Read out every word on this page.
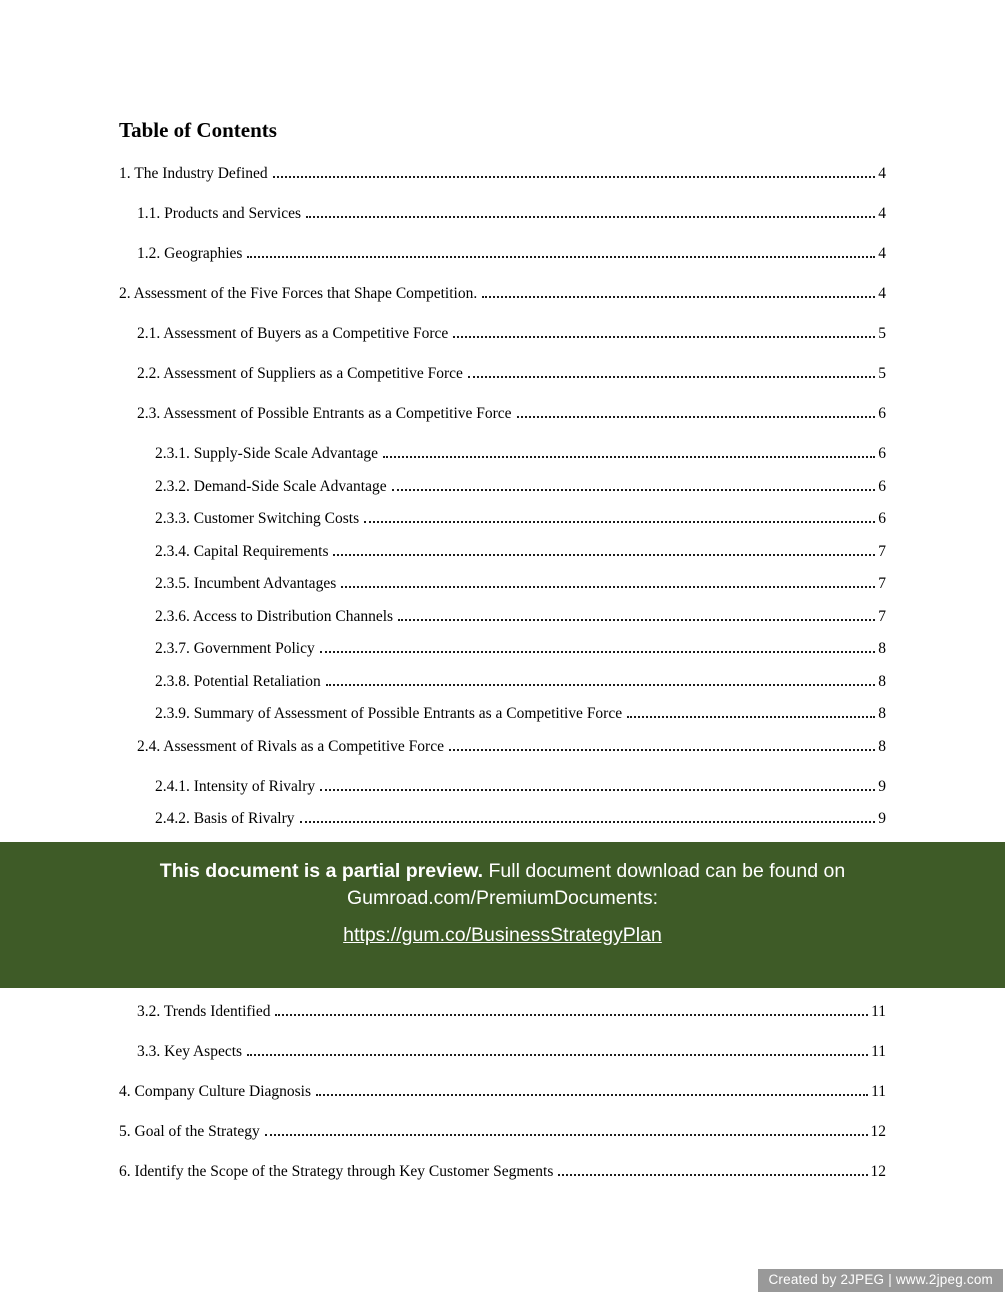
Table of Contents
1. The Industry Defined	4
1.1. Products and Services	4
1.2. Geographies	4
2. Assessment of the Five Forces that Shape Competition.	4
2.1. Assessment of Buyers as a Competitive Force	5
2.2. Assessment of Suppliers as a Competitive Force	5
2.3. Assessment of Possible Entrants as a Competitive Force	6
2.3.1. Supply-Side Scale Advantage	6
2.3.2. Demand-Side Scale Advantage	6
2.3.3. Customer Switching Costs	6
2.3.4. Capital Requirements	7
2.3.5. Incumbent Advantages	7
2.3.6. Access to Distribution Channels	7
2.3.7. Government Policy	8
2.3.8. Potential Retaliation	8
2.3.9. Summary of Assessment of Possible Entrants as a Competitive Force	8
2.4. Assessment of Rivals as a Competitive Force	8
2.4.1. Intensity of Rivalry	9
2.4.2. Basis of Rivalry	9

This document is a partial preview. Full document download can be found on Gumroad.com/PremiumDocuments:

https://gum.co/BusinessStrategyPlan

3.2. Trends Identified	11
3.3. Key Aspects	11
4. Company Culture Diagnosis	11
5. Goal of the Strategy	12
6. Identify the Scope of the Strategy through Key Customer Segments	12
Created by 2JPEG | www.2jpeg.com
